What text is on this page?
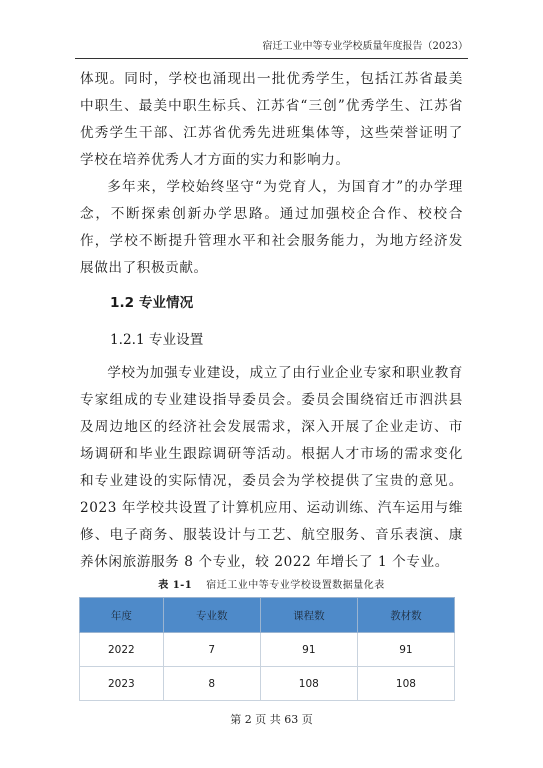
宿迁工业中等专业学校质量年度报告（2023）

体现。同时，学校也涌现出一批优秀学生，包括江苏省最美中职生、最美中职生标兵、江苏省“三创”优秀学生、江苏省优秀学生干部、江苏省优秀先进班集体等，这些荣誉证明了学校在培养优秀人才方面的实力和影响力。

多年来，学校始终坚守“为党育人，为国育才”的办学理念，不断探索创新办学思路。通过加强校企合作、校校合作，学校不断提升管理水平和社会服务能力，为地方经济发展做出了积极贡献。

1.2 专业情况
1.2.1 专业设置

学校为加强专业建设，成立了由行业企业专家和职业教育专家组成的专业建设指导委员会。委员会围绕宿迁市泗洪县及周边地区的经济社会发展需求，深入开展了企业走访、市场调研和毕业生跟踪调研等活动。根据人才市场的需求变化和专业建设的实际情况，委员会为学校提供了宝贵的意见。2023 年学校共设置了计算机应用、运动训练、汽车运用与维修、电子商务、服装设计与工艺、航空服务、音乐表演、康养休闲旅游服务 8 个专业，较 2022 年增长了 1 个专业。

表 1-1 宿迁工业中等专业学校设置数据量化表
年度	专业数	课程数	教材数
2022	7	91	91
2023	8	108	108
第 2 页 共 63 页
